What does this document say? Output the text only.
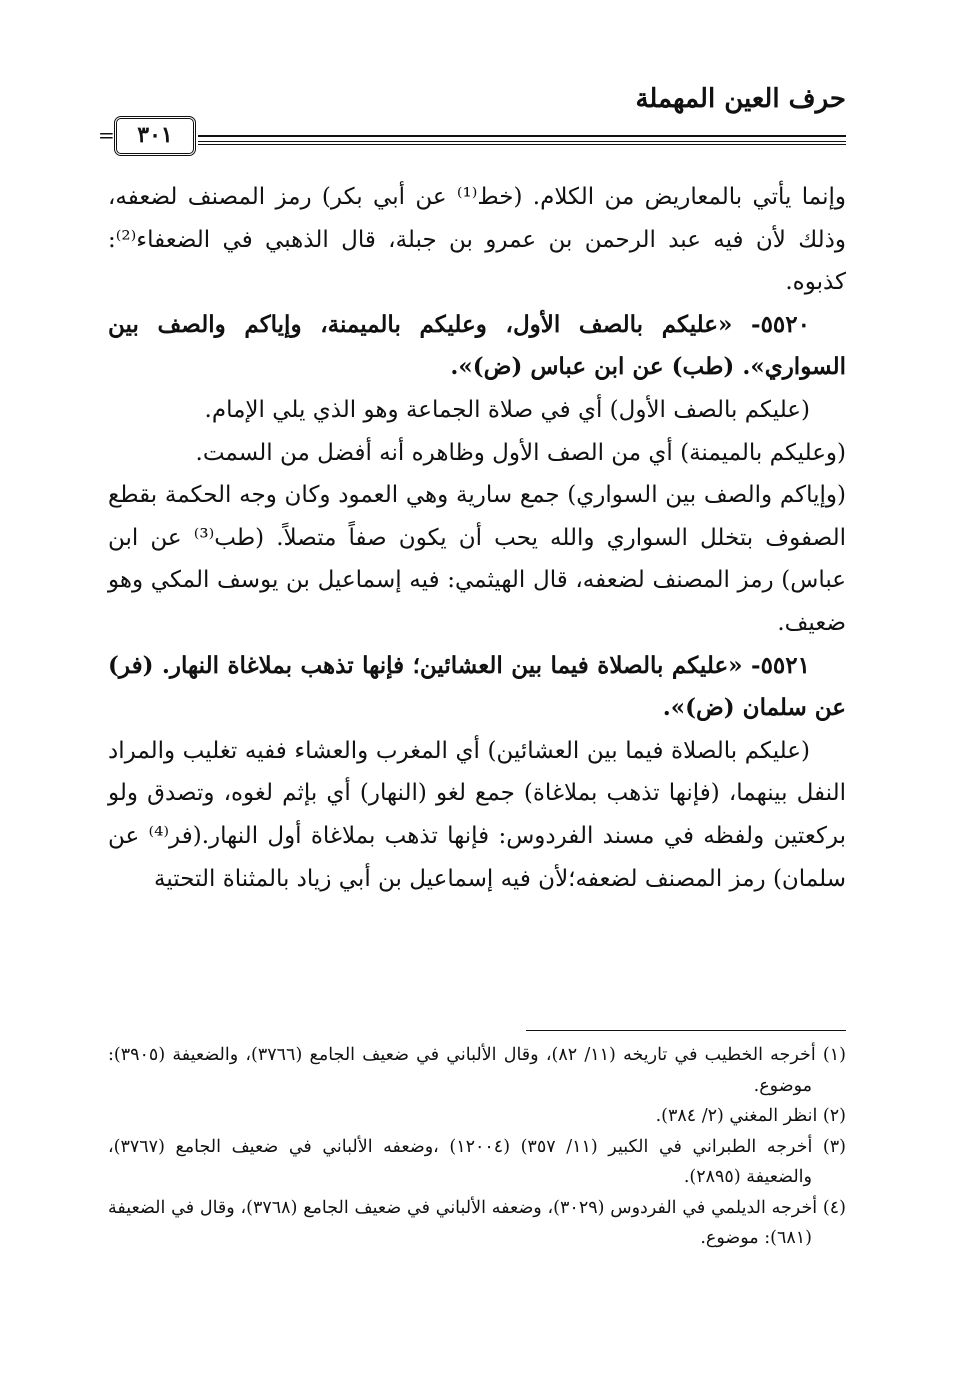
حرف العين المهملة
٣٠١
=

وإنما يأتي بالمعاريض من الكلام. (خط⁽¹⁾ عن أبي بكر) رمز المصنف لضعفه، وذلك لأن فيه عبد الرحمن بن عمرو بن جبلة، قال الذهبي في الضعفاء⁽²⁾: كذبوه.

٥٥٢٠- «عليكم بالصف الأول، وعليكم بالميمنة، وإياكم والصف بين السواري». (طب) عن ابن عباس (ض)».

(عليكم بالصف الأول) أي في صلاة الجماعة وهو الذي يلي الإمام.

(وعليكم بالميمنة) أي من الصف الأول وظاهره أنه أفضل من السمت.

(وإياكم والصف بين السواري) جمع سارية وهي العمود وكان وجه الحكمة بقطع الصفوف بتخلل السواري والله يحب أن يكون صفاً متصلاً. (طب⁽³⁾ عن ابن عباس) رمز المصنف لضعفه، قال الهيثمي: فيه إسماعيل بن يوسف المكي وهو ضعيف.

٥٥٢١- «عليكم بالصلاة فيما بين العشائين؛ فإنها تذهب بملاغاة النهار. (فر) عن سلمان (ض)».

(عليكم بالصلاة فيما بين العشائين) أي المغرب والعشاء ففيه تغليب والمراد النفل بينهما، (فإنها تذهب بملاغاة) جمع لغو (النهار) أي بإثم لغوه، وتصدق ولو بركعتين ولفظه في مسند الفردوس: فإنها تذهب بملاغاة أول النهار.(فر⁽⁴⁾ عن سلمان) رمز المصنف لضعفه؛لأن فيه إسماعيل بن أبي زياد بالمثناة التحتية

(١) أخرجه الخطيب في تاريخه (١١/ ٨٢)، وقال الألباني في ضعيف الجامع (٣٧٦٦)، والضعيفة (٣٩٠٥): موضوع.

(٢) انظر المغني (٢/ ٣٨٤).

(٣) أخرجه الطبراني في الكبير (١١/ ٣٥٧) (١٢٠٠٤) ،وضعفه الألباني في ضعيف الجامع (٣٧٦٧)، والضعيفة (٢٨٩٥).

(٤) أخرجه الديلمي في الفردوس (٣٠٢٩)، وضعفه الألباني في ضعيف الجامع (٣٧٦٨)، وقال في الضعيفة (٦٨١): موضوع.
